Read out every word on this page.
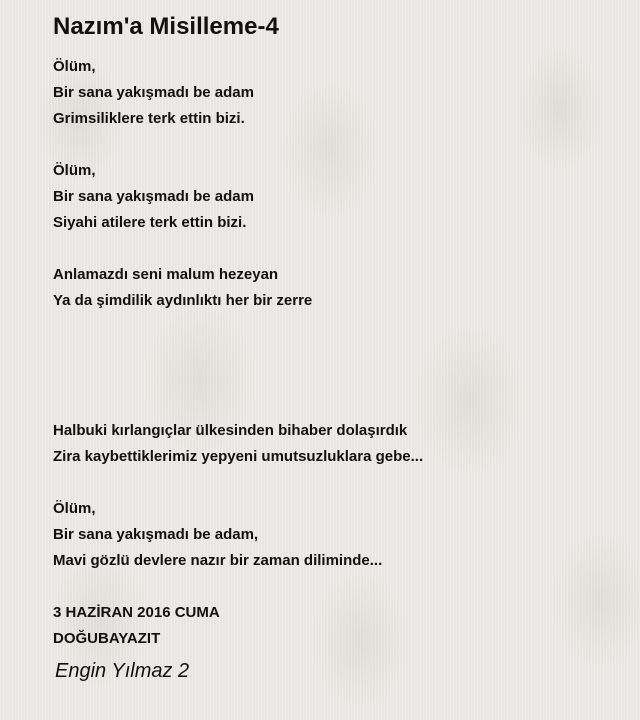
Nazım'a Misilleme-4
Ölüm,
Bir sana yakışmadı be adam
Grimsiliklere terk ettin bizi.
Ölüm,
Bir sana yakışmadı be adam
Siyahi atilere terk ettin bizi.
Anlamazdı seni malum hezeyan
Ya da şimdilik aydınlıktı her bir zerre
Halbuki kırlangıçlar ülkesinden bihaber dolaşırdık
Zira kaybettiklerimiz yepyeni umutsuzluklara gebe...
Ölüm,
Bir sana yakışmadı be adam,
Mavi gözlü devlere nazır bir zaman diliminde...
3 HAZİRAN 2016 CUMA
DOĞUBAYAZIT
Engin Yılmaz 2
